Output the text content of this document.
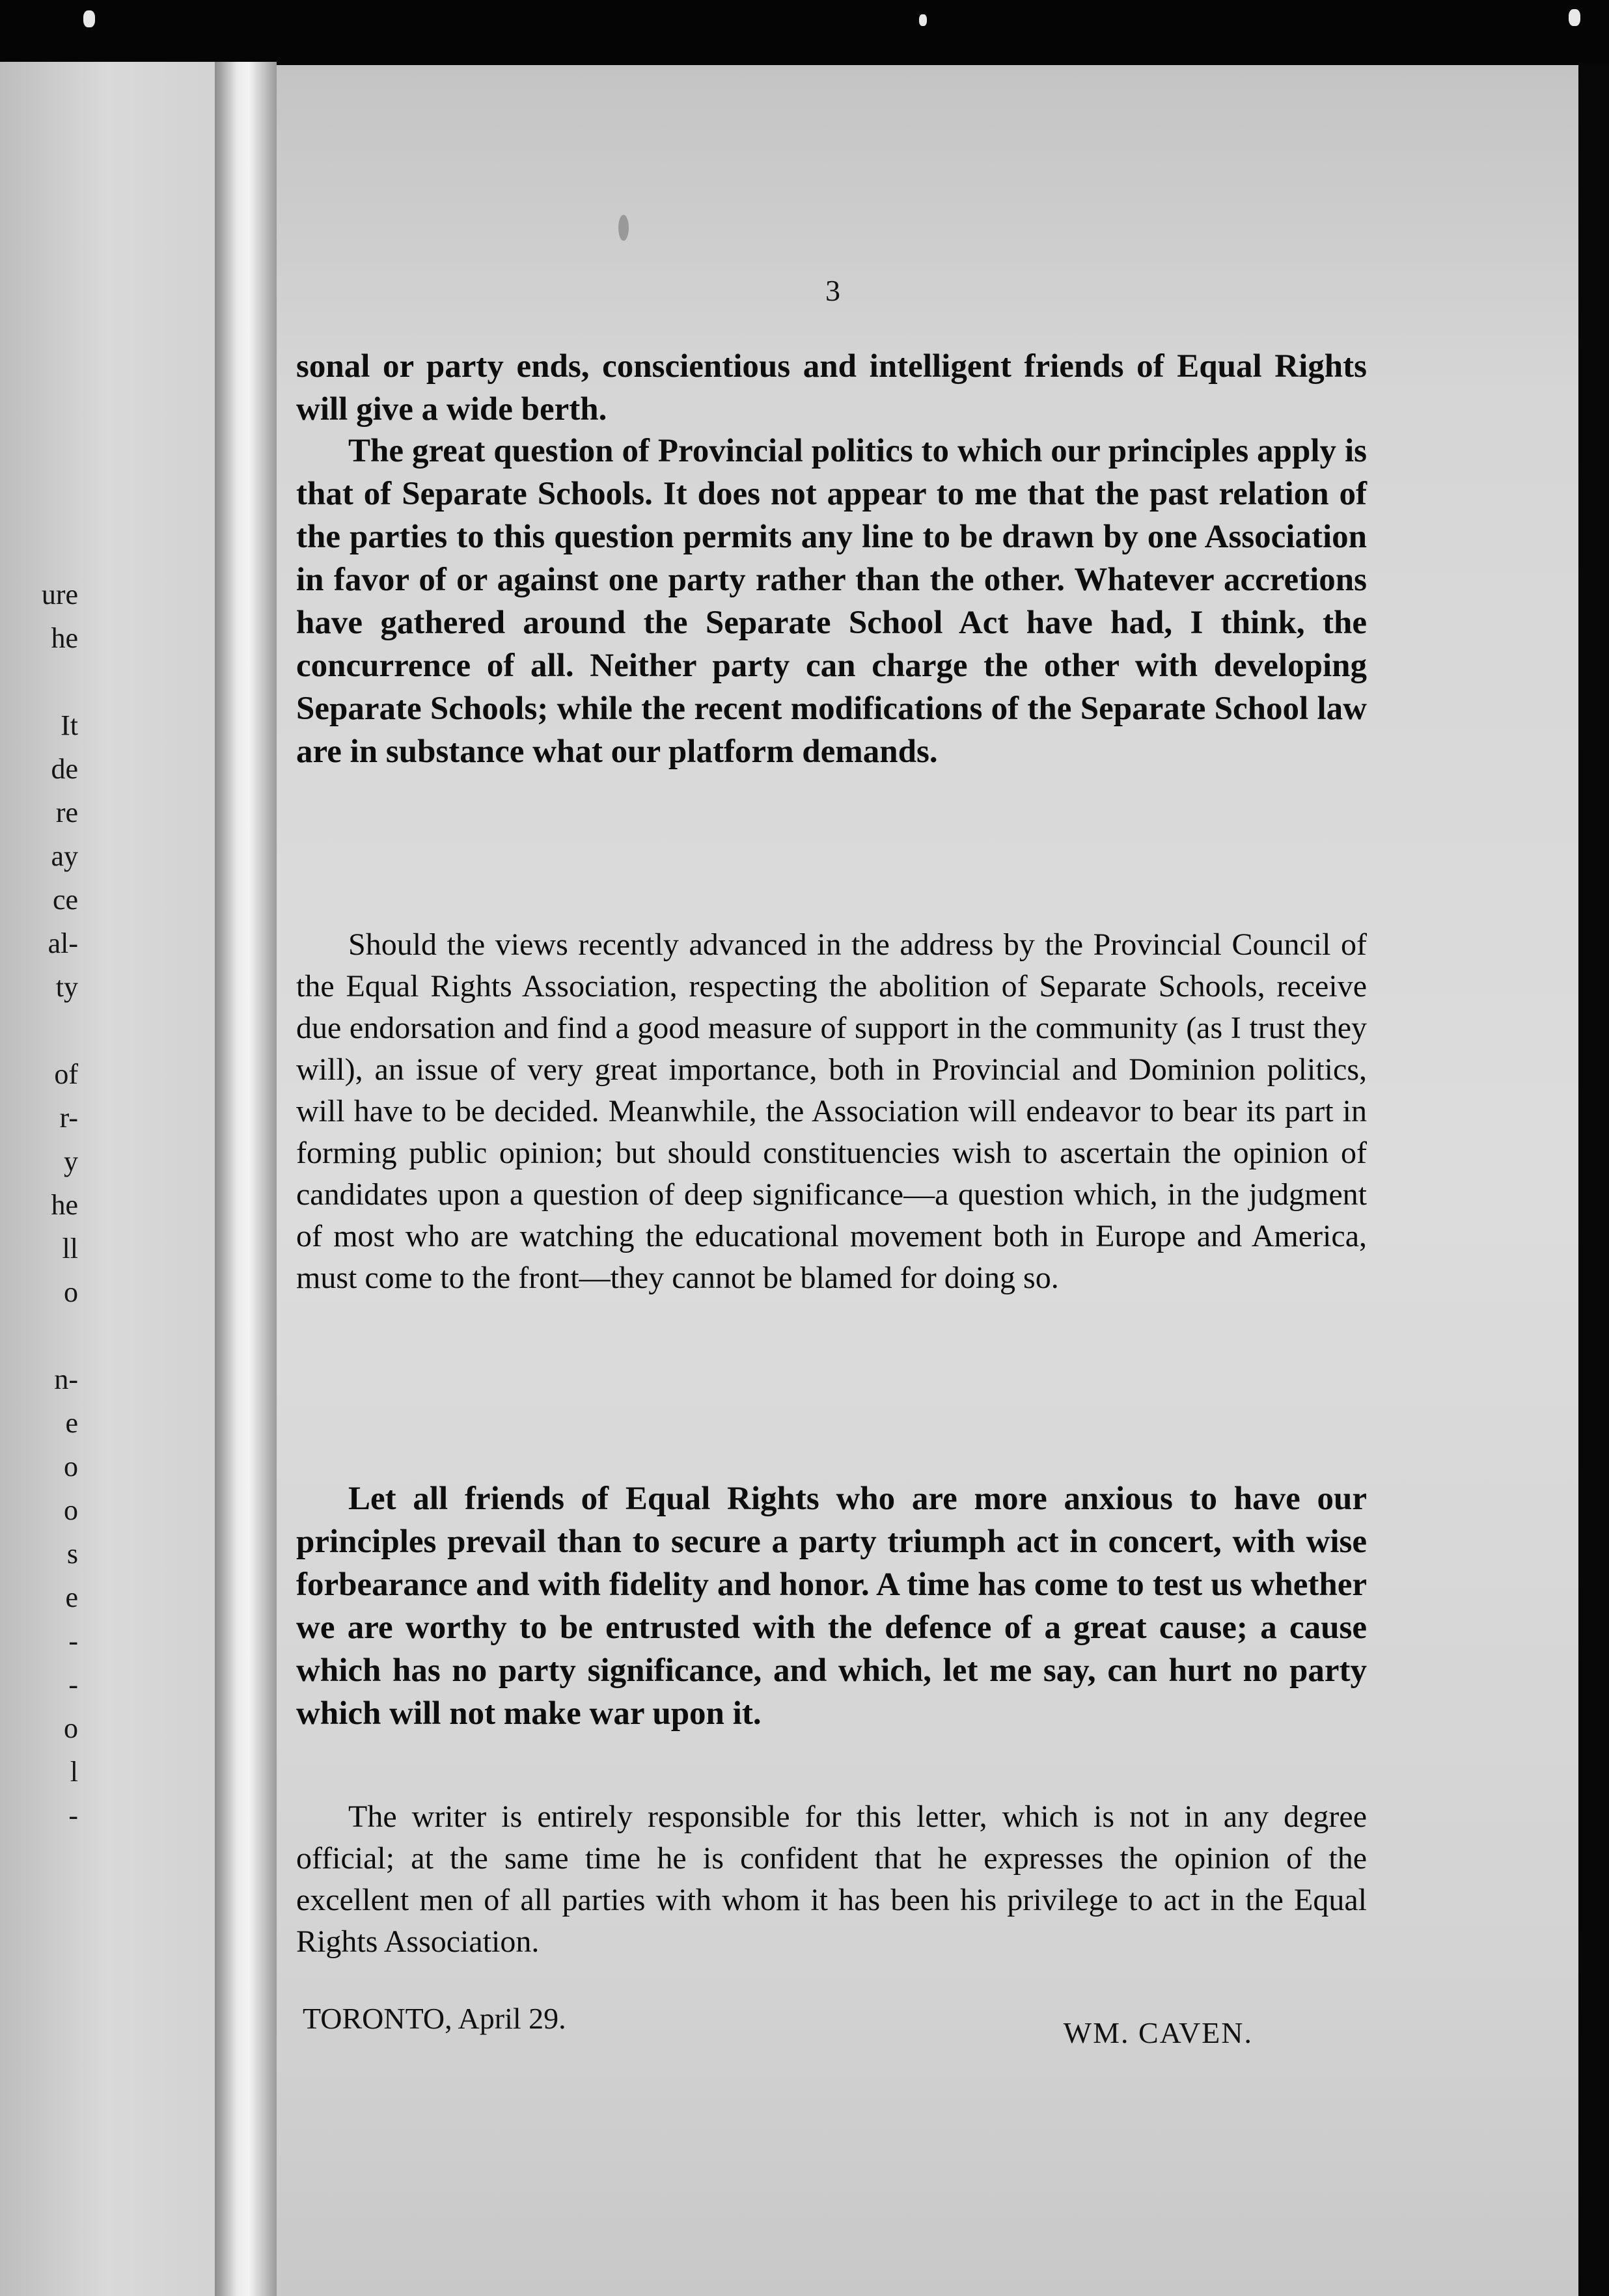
ure
he
It
de
re
ay
ce
al-
ty
of
r-
y
he
ll
o
n-
e
o
o
s
e
-
-
o
l
-
3

sonal or party ends, conscientious and intelligent friends of Equal Rights will give a wide berth.

The great question of Provincial politics to which our principles apply is that of Separate Schools. It does not appear to me that the past relation of the parties to this question permits any line to be drawn by one Association in favor of or against one party rather than the other. Whatever accretions have gathered around the Separate School Act have had, I think, the concurrence of all. Neither party can charge the other with developing Separate Schools; while the recent modifications of the Separate School law are in substance what our platform demands.

Should the views recently advanced in the address by the Provincial Council of the Equal Rights Association, respecting the abolition of Separate Schools, receive due endorsation and find a good measure of support in the community (as I trust they will), an issue of very great importance, both in Provincial and Dominion politics, will have to be decided. Meanwhile, the Association will endeavor to bear its part in forming public opinion; but should constituencies wish to ascertain the opinion of candidates upon a question of deep significance—a question which, in the judgment of most who are watching the educational movement both in Europe and America, must come to the front—they cannot be blamed for doing so.

Let all friends of Equal Rights who are more anxious to have our principles prevail than to secure a party triumph act in concert, with wise forbearance and with fidelity and honor. A time has come to test us whether we are worthy to be entrusted with the defence of a great cause; a cause which has no party significance, and which, let me say, can hurt no party which will not make war upon it.

The writer is entirely responsible for this letter, which is not in any degree official; at the same time he is confident that he expresses the opinion of the excellent men of all parties with whom it has been his privilege to act in the Equal Rights Association.

TORONTO, April 29.	WM. CAVEN.
